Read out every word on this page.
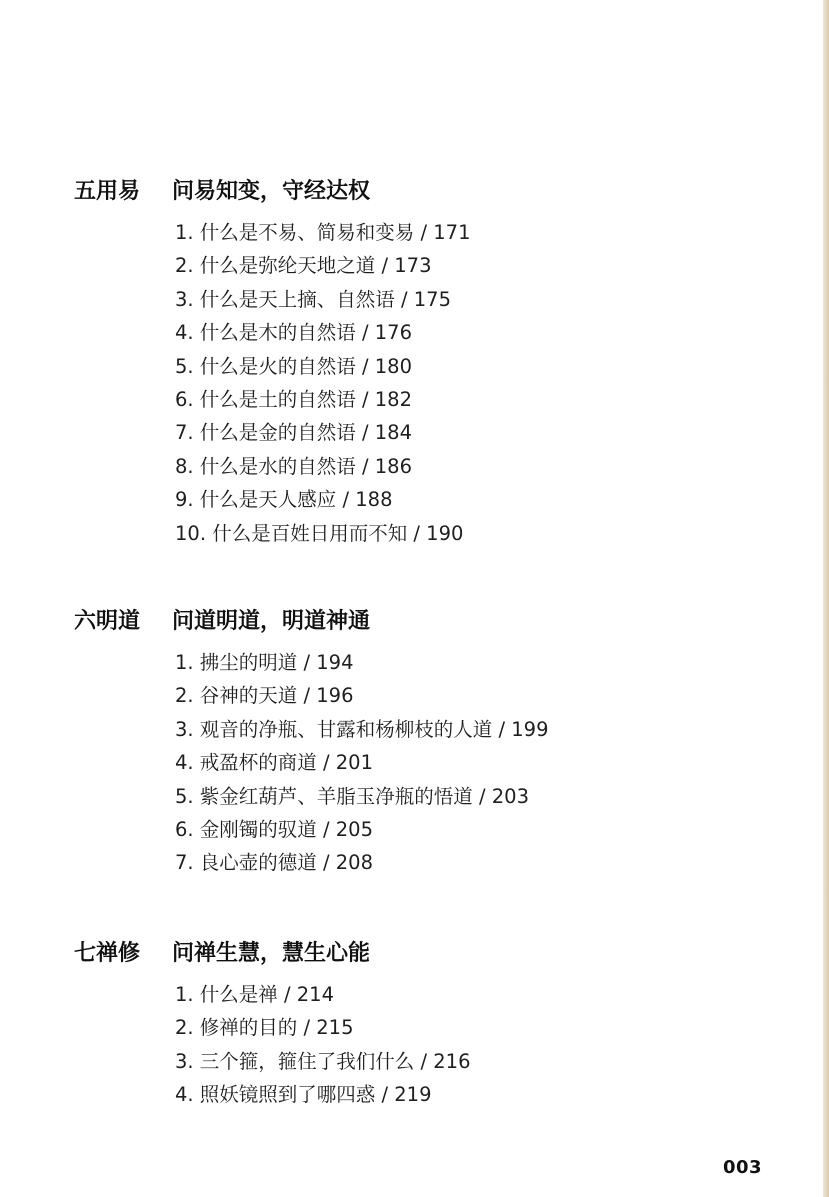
五用易 问易知变，守经达权
1. 什么是不易、简易和变易 / 171
2. 什么是弥纶天地之道 / 173
3. 什么是天上摘、自然语 / 175
4. 什么是木的自然语 / 176
5. 什么是火的自然语 / 180
6. 什么是土的自然语 / 182
7. 什么是金的自然语 / 184
8. 什么是水的自然语 / 186
9. 什么是天人感应 / 188
10. 什么是百姓日用而不知 / 190
六明道 问道明道，明道神通
1. 拂尘的明道 / 194
2. 谷神的天道 / 196
3. 观音的净瓶、甘露和杨柳枝的人道 / 199
4. 戒盈杯的商道 / 201
5. 紫金红葫芦、羊脂玉净瓶的悟道 / 203
6. 金刚镯的驭道 / 205
7. 良心壶的德道 / 208
七禅修 问禅生慧，慧生心能
1. 什么是禅 / 214
2. 修禅的目的 / 215
3. 三个箍，箍住了我们什么 / 216
4. 照妖镜照到了哪四惑 / 219
003
